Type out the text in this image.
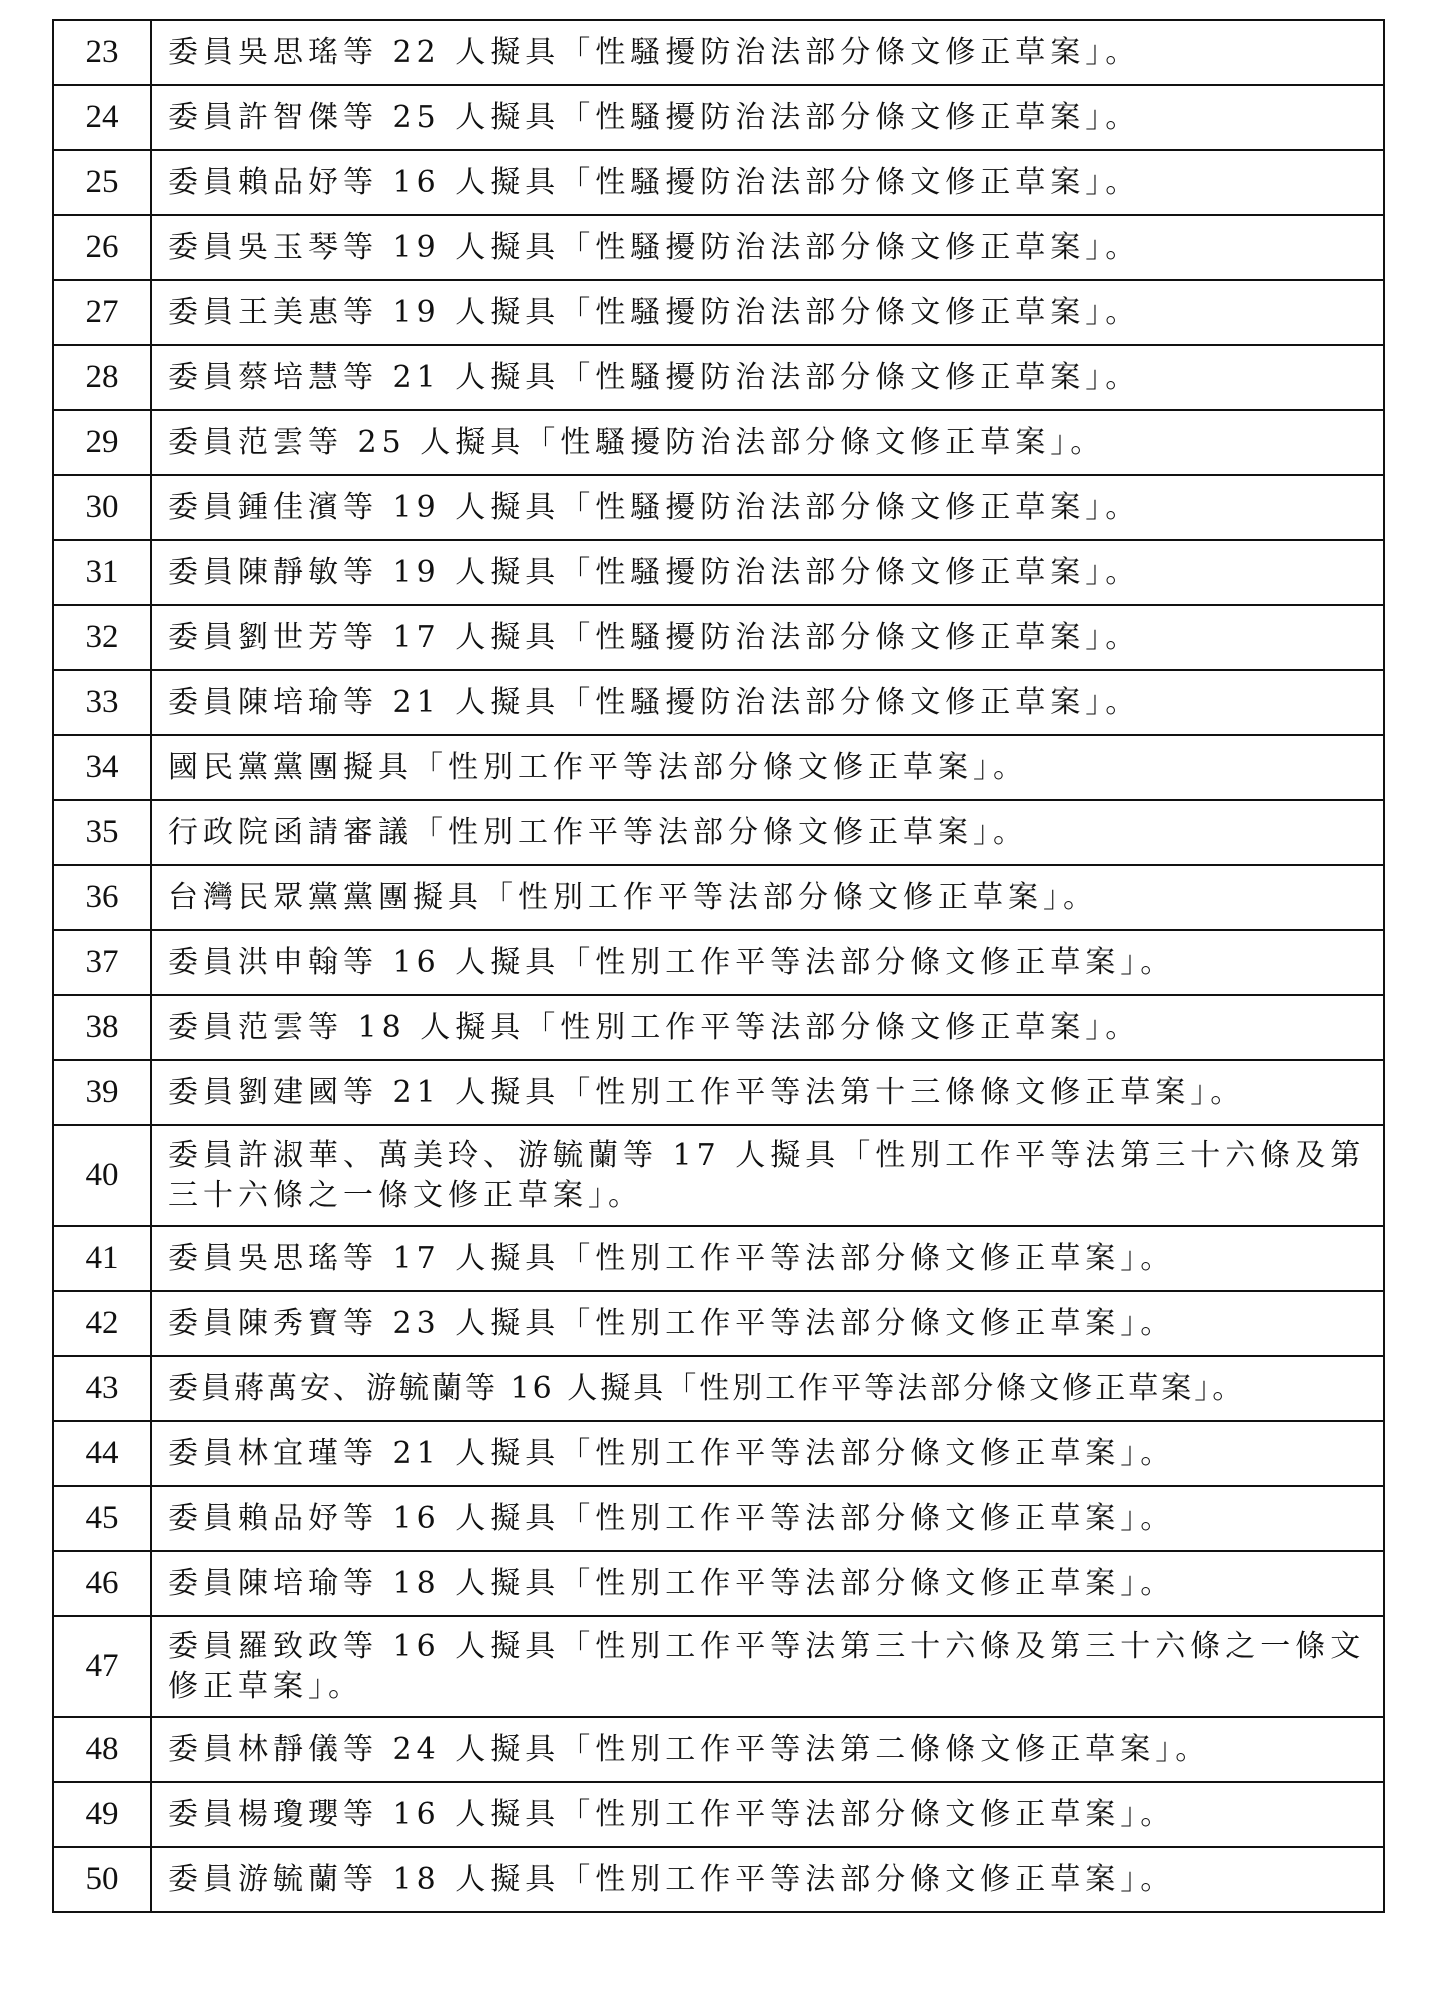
23	委員吳思瑤等 22 人擬具「性騷擾防治法部分條文修正草案」。
24	委員許智傑等 25 人擬具「性騷擾防治法部分條文修正草案」。
25	委員賴品妤等 16 人擬具「性騷擾防治法部分條文修正草案」。
26	委員吳玉琴等 19 人擬具「性騷擾防治法部分條文修正草案」。
27	委員王美惠等 19 人擬具「性騷擾防治法部分條文修正草案」。
28	委員蔡培慧等 21 人擬具「性騷擾防治法部分條文修正草案」。
29	委員范雲等 25 人擬具「性騷擾防治法部分條文修正草案」。
30	委員鍾佳濱等 19 人擬具「性騷擾防治法部分條文修正草案」。
31	委員陳靜敏等 19 人擬具「性騷擾防治法部分條文修正草案」。
32	委員劉世芳等 17 人擬具「性騷擾防治法部分條文修正草案」。
33	委員陳培瑜等 21 人擬具「性騷擾防治法部分條文修正草案」。
34	國民黨黨團擬具「性別工作平等法部分條文修正草案」。
35	行政院函請審議「性別工作平等法部分條文修正草案」。
36	台灣民眾黨黨團擬具「性別工作平等法部分條文修正草案」。
37	委員洪申翰等 16 人擬具「性別工作平等法部分條文修正草案」。
38	委員范雲等 18 人擬具「性別工作平等法部分條文修正草案」。
39	委員劉建國等 21 人擬具「性別工作平等法第十三條條文修正草案」。
40	委員許淑華、萬美玲、游毓蘭等 17 人擬具「性別工作平等法第三十六條及第三十六條之一條文修正草案」。
41	委員吳思瑤等 17 人擬具「性別工作平等法部分條文修正草案」。
42	委員陳秀寶等 23 人擬具「性別工作平等法部分條文修正草案」。
43	委員蔣萬安、游毓蘭等 16 人擬具「性別工作平等法部分條文修正草案」。
44	委員林宜瑾等 21 人擬具「性別工作平等法部分條文修正草案」。
45	委員賴品妤等 16 人擬具「性別工作平等法部分條文修正草案」。
46	委員陳培瑜等 18 人擬具「性別工作平等法部分條文修正草案」。
47	委員羅致政等 16 人擬具「性別工作平等法第三十六條及第三十六條之一條文修正草案」。
48	委員林靜儀等 24 人擬具「性別工作平等法第二條條文修正草案」。
49	委員楊瓊瓔等 16 人擬具「性別工作平等法部分條文修正草案」。
50	委員游毓蘭等 18 人擬具「性別工作平等法部分條文修正草案」。
